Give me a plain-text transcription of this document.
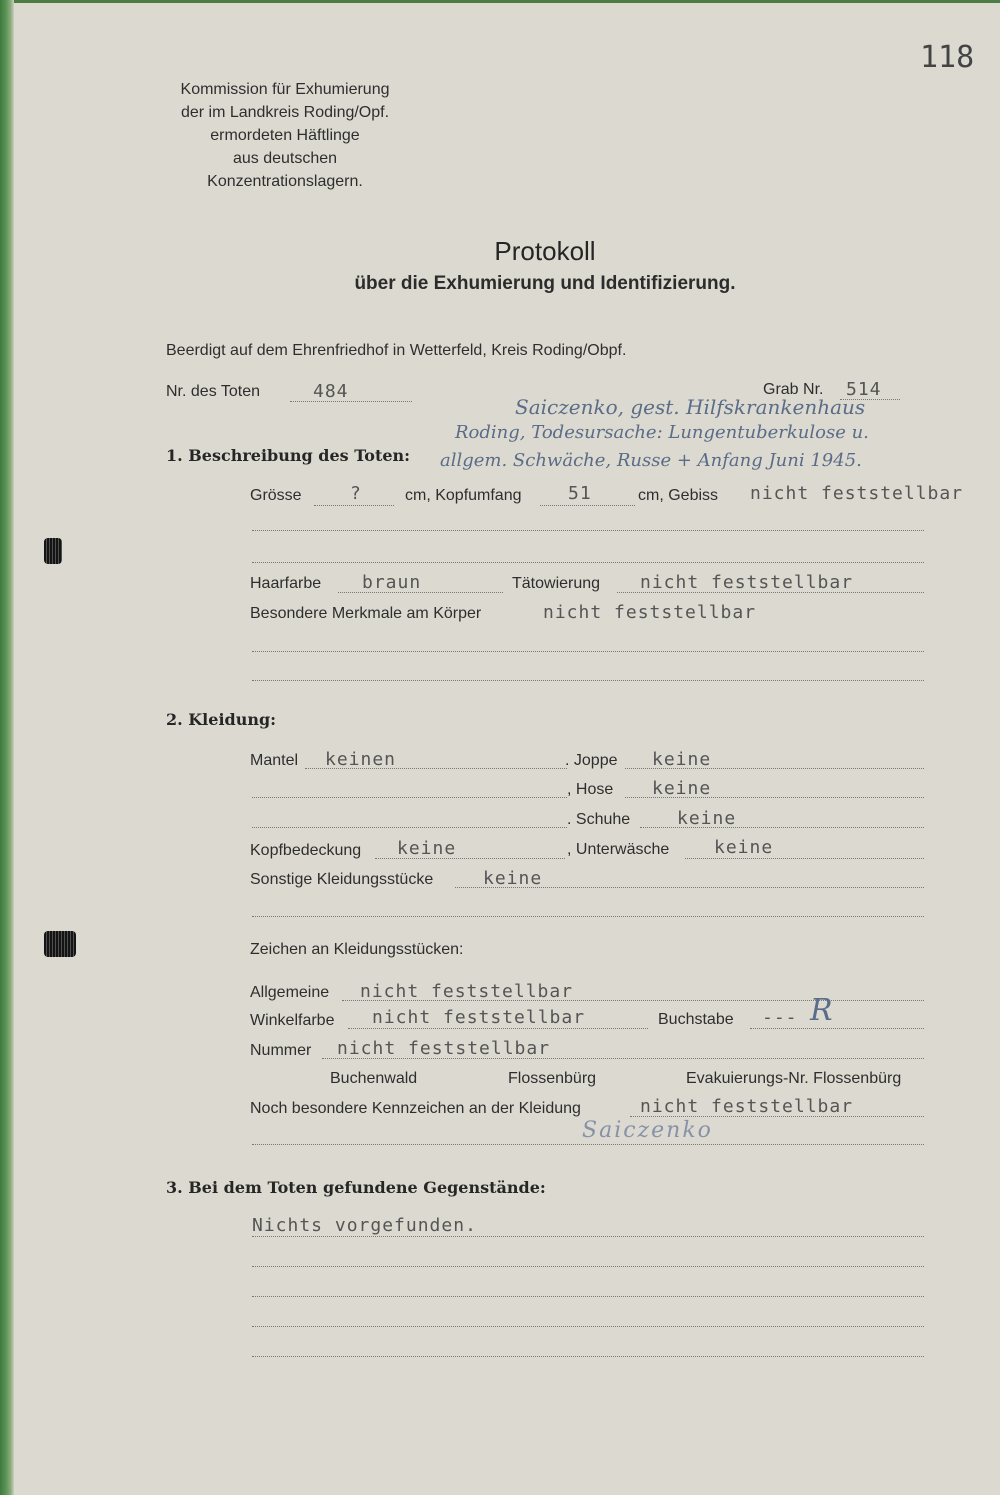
118
Kommission für Exhumierung
der im Landkreis Roding/Opf.
ermordeten Häftlinge
aus deutschen Konzentrationslagern.
Protokoll
über die Exhumierung und Identifizierung.
Beerdigt auf dem Ehrenfriedhof in Wetterfeld, Kreis Roding/Obpf.
Nr. des Toten	484	Grab Nr. 514
Saiczenko, gest. Hilfskrankenhaus
Roding, Todesursache: Lungentuberkulose u.
allgem. Schwäche, Russe + Anfang Juni 1945.
1. Beschreibung des Toten:
Grösse	?	cm, Kopfumfang	51	cm, Gebiss nicht feststellbar
Haarfarbe braun	Tätowierung nicht feststellbar
Besondere Merkmale am Körper	nicht feststellbar
2. Kleidung:
Mantel keinen	. Joppe keine
, Hose keine
. Schuhe	keine
Kopfbedeckung keine	, Unterwäsche keine
Sonstige Kleidungsstücke	keine
Zeichen an Kleidungsstücken:
Allgemeine nicht feststellbar
Winkelfarbe nicht feststellbar	Buchstabe --- R
Nummer nicht feststellbar
Buchenwald	Flossenbürg	Evakuierungs-Nr. Flossenbürg
Noch besondere Kennzeichen an der Kleidung	nicht feststellbar
Saiczenko
3. Bei dem Toten gefundene Gegenstände:
Nichts vorgefunden.
